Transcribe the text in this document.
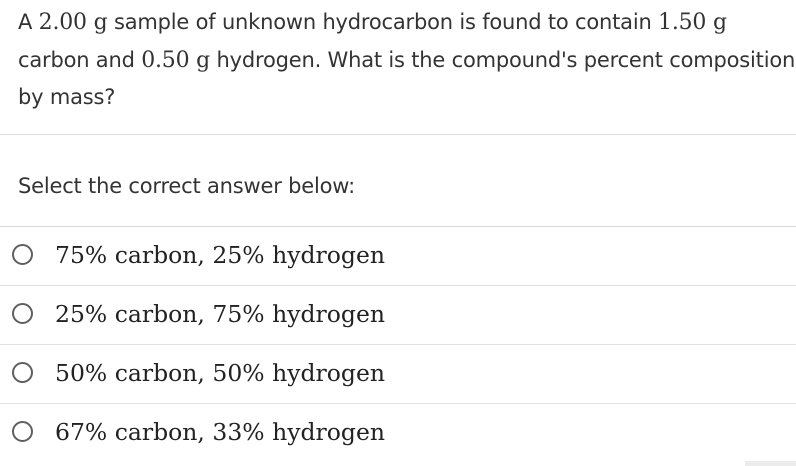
A 2.00 g sample of unknown hydrocarbon is found to contain 1.50 g carbon and 0.50 g hydrogen. What is the compound's percent composition by mass?
Select the correct answer below:
75% carbon, 25% hydrogen
25% carbon, 75% hydrogen
50% carbon, 50% hydrogen
67% carbon, 33% hydrogen
